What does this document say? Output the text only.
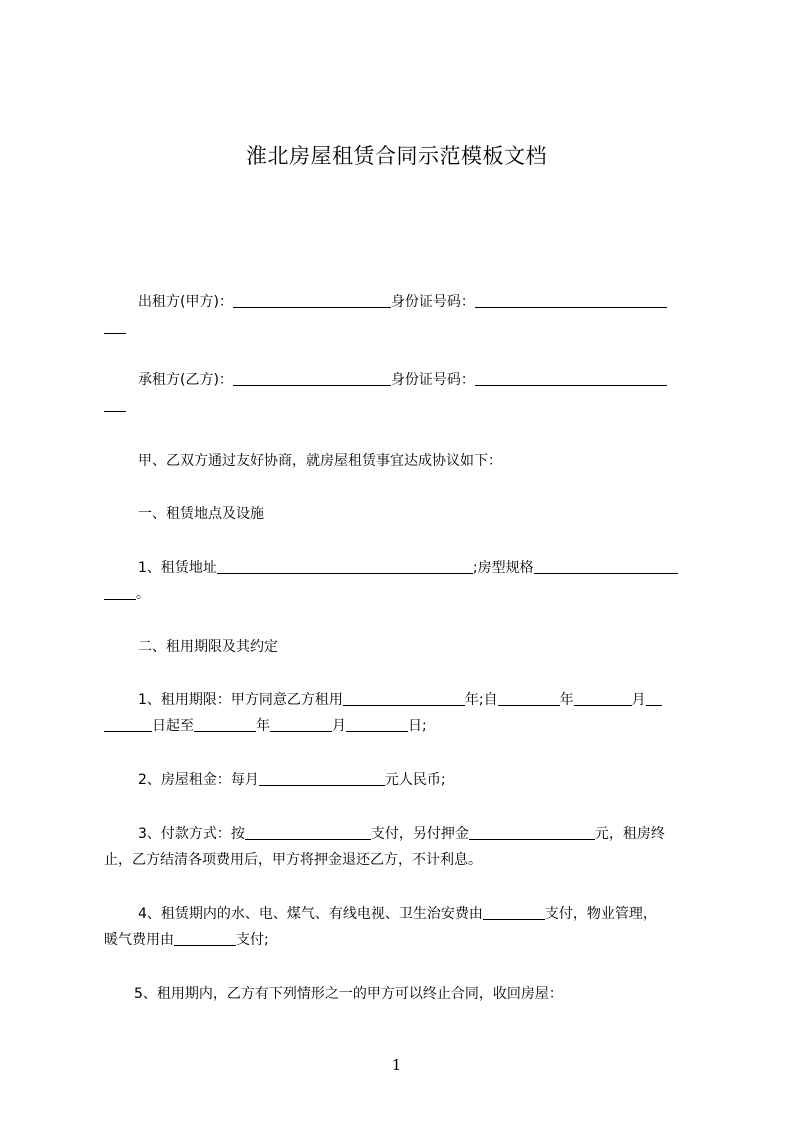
淮北房屋租赁合同示范模板文档
出租方(甲方)：	身份证号码：
承租方(乙方)：	身份证号码：
甲、乙双方通过友好协商，就房屋租赁事宜达成协议如下：
一、租赁地点及设施
1、租赁地址	;房型规格
。
二、租用期限及其约定
1、租用期限：甲方同意乙方租用	年;自	年	月
日起至	年	月	日;
2、房屋租金：每月	元人民币;
3、付款方式：按	支付，另付押金	元，租房终
止，乙方结清各项费用后，甲方将押金退还乙方，不计利息。
4、租赁期内的水、电、煤气、有线电视、卫生治安费由	支付，物业管理，
暖气费用由	支付;
5、租用期内，乙方有下列情形之一的甲方可以终止合同，收回房屋：
1
